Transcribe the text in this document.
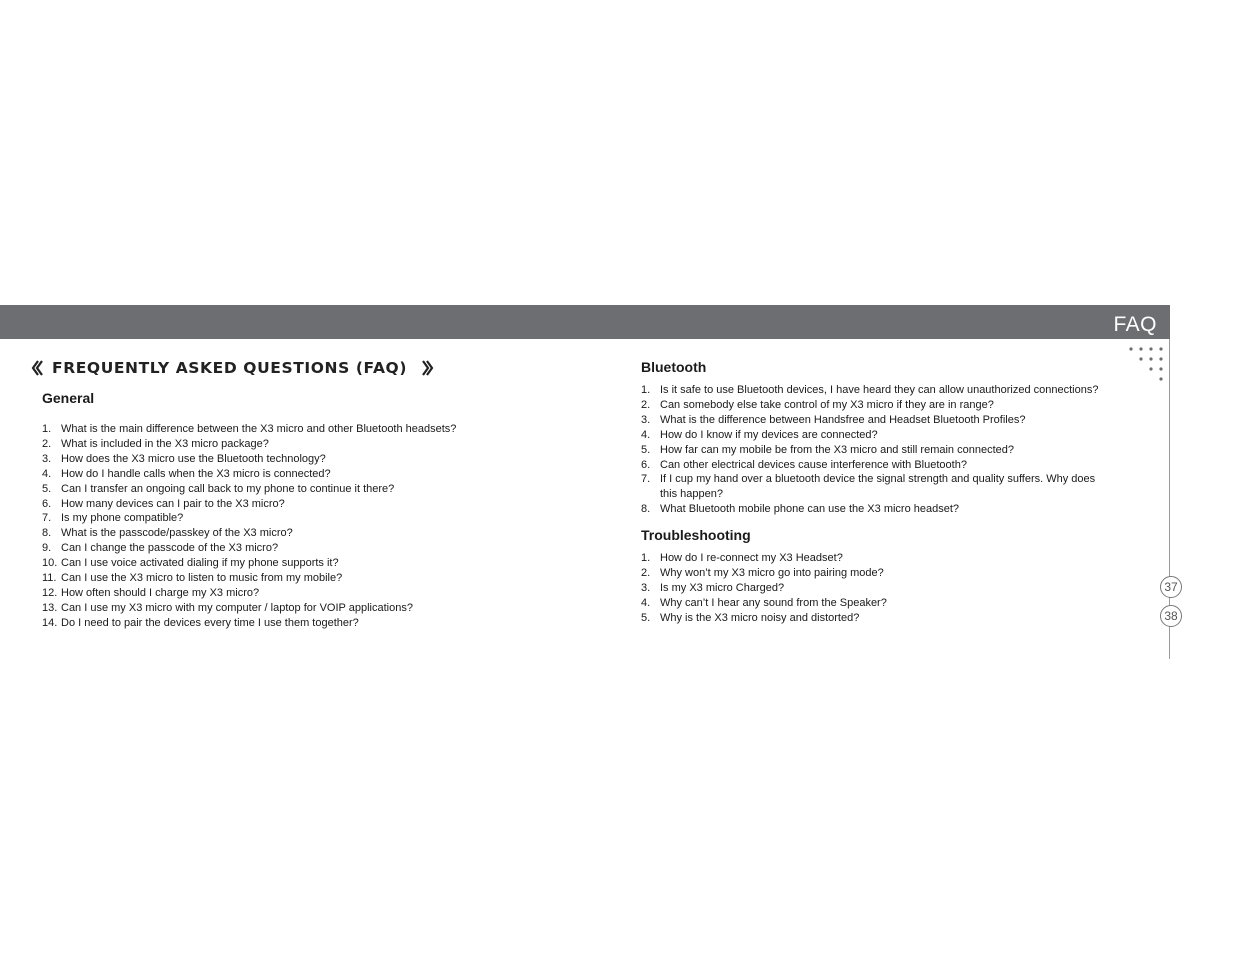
FAQ
37
38
FREQUENTLY ASKED QUESTIONS (FAQ)
General
1. What is the main difference between the X3 micro and other Bluetooth headsets?
2. What is included in the X3 micro package?
3. How does the X3 micro use the Bluetooth technology?
4. How do I handle calls when the X3 micro is connected?
5. Can I transfer an ongoing call back to my phone to continue it there?
6. How many devices can I pair to the X3 micro?
7. Is my phone compatible?
8. What is the passcode/passkey of the X3 micro?
9. Can I change the passcode of the X3 micro?
10. Can I use voice activated dialing if my phone supports it?
11. Can I use the X3 micro to listen to music from my mobile?
12. How often should I charge my X3 micro?
13. Can I use my X3 micro with my computer / laptop for VOIP applications?
14. Do I need to pair the devices every time I use them together?
Bluetooth
1. Is it safe to use Bluetooth devices, I have heard they can allow unauthorized connections?
2. Can somebody else take control of my X3 micro if they are in range?
3. What is the difference between Handsfree and Headset Bluetooth Profiles?
4. How do I know if my devices are connected?
5. How far can my mobile be from the X3 micro and still remain connected?
6. Can other electrical devices cause interference with Bluetooth?
7. If I cup my hand over a bluetooth device the signal strength and quality suffers. Why does this happen?
8. What Bluetooth mobile phone can use the X3 micro headset?
Troubleshooting
1. How do I re-connect my X3 Headset?
2. Why won’t my X3 micro go into pairing mode?
3. Is my X3 micro Charged?
4. Why can’t I hear any sound from the Speaker?
5. Why is the X3 micro noisy and distorted?
